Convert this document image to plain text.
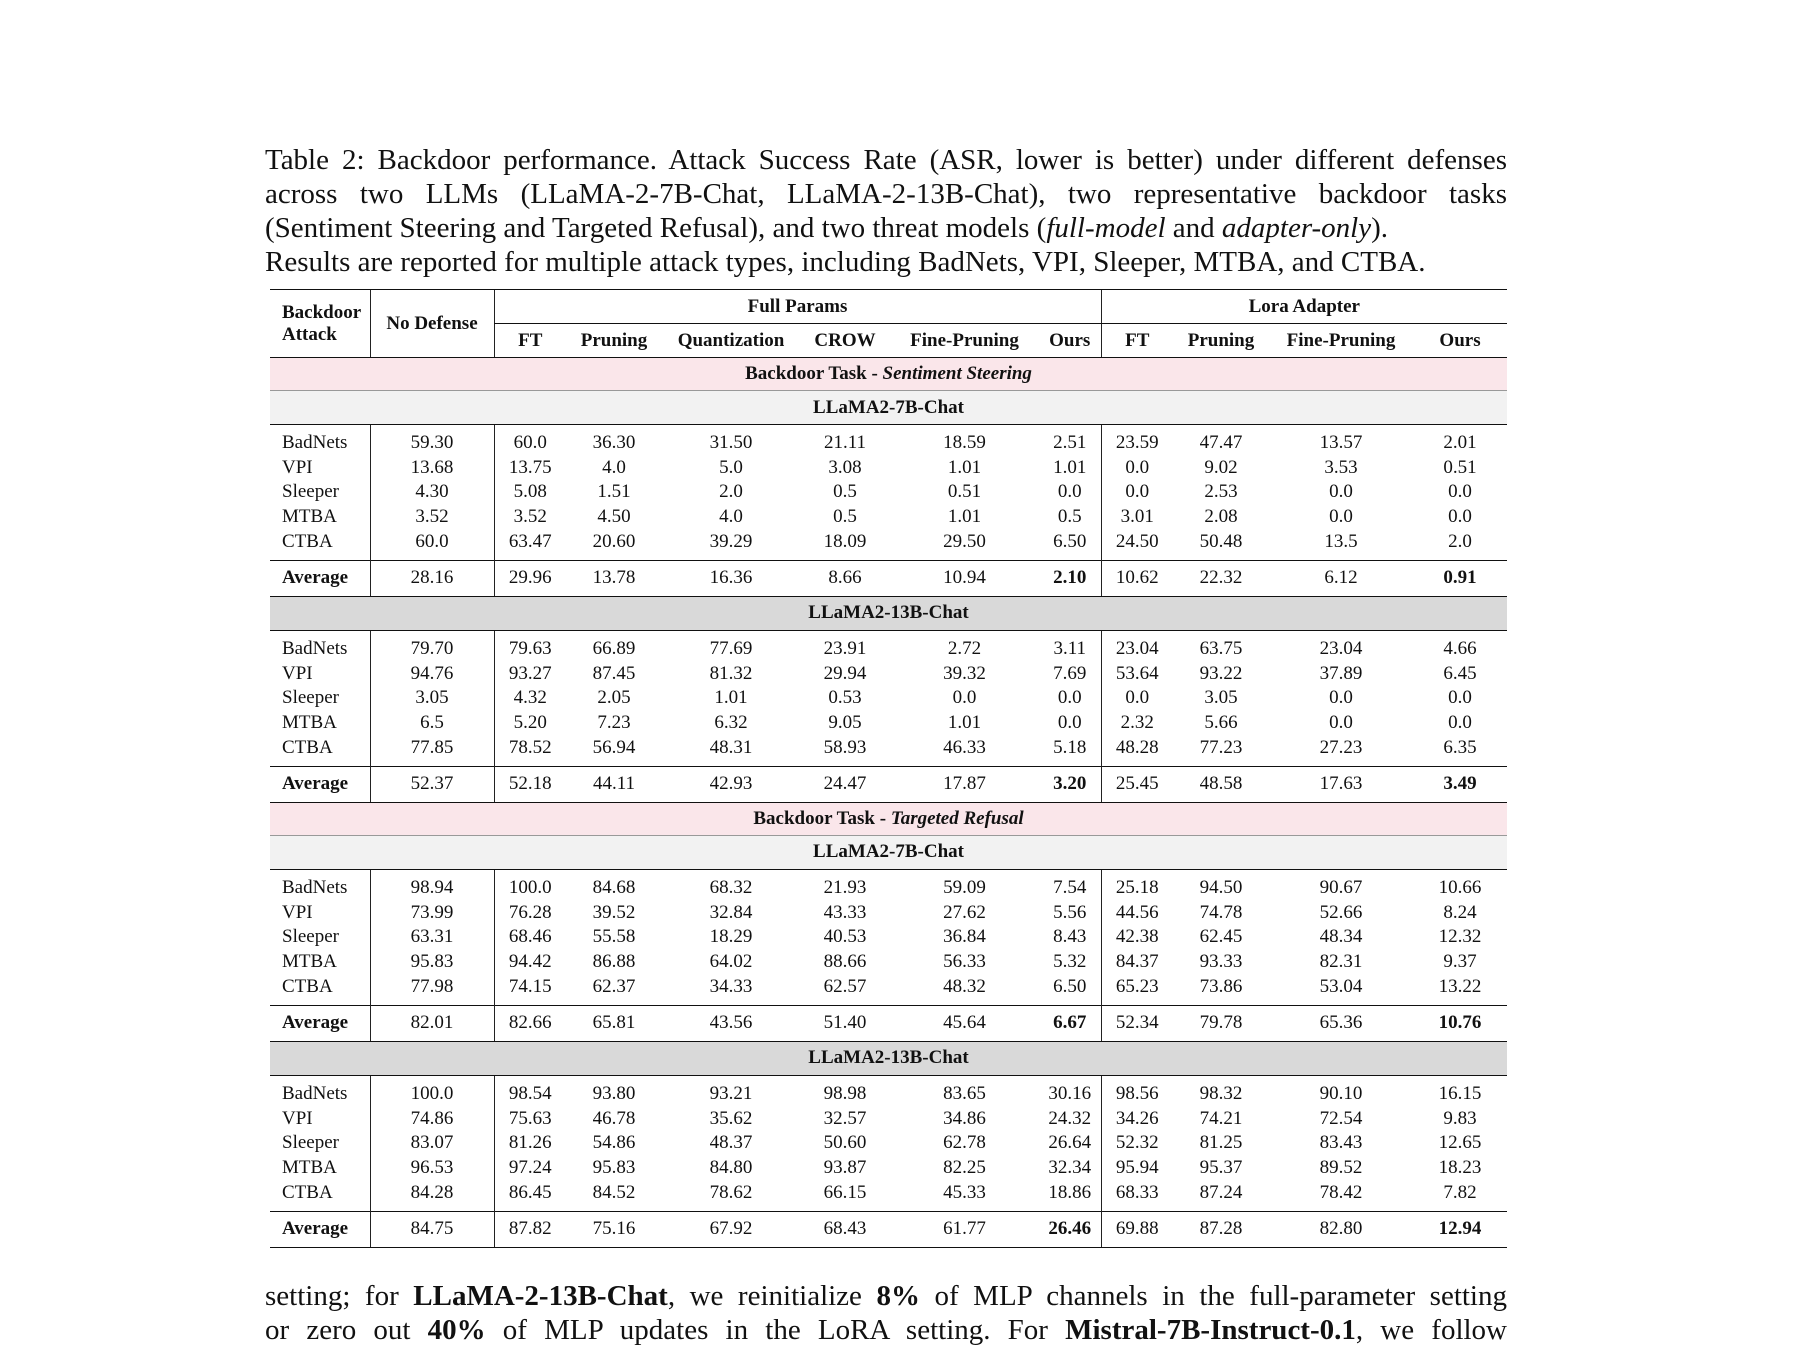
Table 2: Backdoor performance. Attack Success Rate (ASR, lower is better) under different defenses across two LLMs (LLaMA-2-7B-Chat, LLaMA-2-13B-Chat), two representative backdoor tasks (Sentiment Steering and Targeted Refusal), and two threat models (full-model and adapter-only).

Results are reported for multiple attack types, including BadNets, VPI, Sleeper, MTBA, and CTBA.

Backdoor
Attack	No Defense	Full Params						Lora Adapter			
		FT	Pruning	Quantization	CROW	Fine-Pruning	Ours	FT	Pruning	Fine-Pruning	Ours
Backdoor Task - Sentiment Steering											
LLaMA2-7B-Chat											
BadNets	59.30	60.0	36.30	31.50	21.11	18.59	2.51	23.59	47.47	13.57	2.01
VPI	13.68	13.75	4.0	5.0	3.08	1.01	1.01	0.0	9.02	3.53	0.51
Sleeper	4.30	5.08	1.51	2.0	0.5	0.51	0.0	0.0	2.53	0.0	0.0
MTBA	3.52	3.52	4.50	4.0	0.5	1.01	0.5	3.01	2.08	0.0	0.0
CTBA	60.0	63.47	20.60	39.29	18.09	29.50	6.50	24.50	50.48	13.5	2.0
Average	28.16	29.96	13.78	16.36	8.66	10.94	2.10	10.62	22.32	6.12	0.91
LLaMA2-13B-Chat											
BadNets	79.70	79.63	66.89	77.69	23.91	2.72	3.11	23.04	63.75	23.04	4.66
VPI	94.76	93.27	87.45	81.32	29.94	39.32	7.69	53.64	93.22	37.89	6.45
Sleeper	3.05	4.32	2.05	1.01	0.53	0.0	0.0	0.0	3.05	0.0	0.0
MTBA	6.5	5.20	7.23	6.32	9.05	1.01	0.0	2.32	5.66	0.0	0.0
CTBA	77.85	78.52	56.94	48.31	58.93	46.33	5.18	48.28	77.23	27.23	6.35
Average	52.37	52.18	44.11	42.93	24.47	17.87	3.20	25.45	48.58	17.63	3.49
Backdoor Task - Targeted Refusal											
LLaMA2-7B-Chat											
BadNets	98.94	100.0	84.68	68.32	21.93	59.09	7.54	25.18	94.50	90.67	10.66
VPI	73.99	76.28	39.52	32.84	43.33	27.62	5.56	44.56	74.78	52.66	8.24
Sleeper	63.31	68.46	55.58	18.29	40.53	36.84	8.43	42.38	62.45	48.34	12.32
MTBA	95.83	94.42	86.88	64.02	88.66	56.33	5.32	84.37	93.33	82.31	9.37
CTBA	77.98	74.15	62.37	34.33	62.57	48.32	6.50	65.23	73.86	53.04	13.22
Average	82.01	82.66	65.81	43.56	51.40	45.64	6.67	52.34	79.78	65.36	10.76
LLaMA2-13B-Chat											
BadNets	100.0	98.54	93.80	93.21	98.98	83.65	30.16	98.56	98.32	90.10	16.15
VPI	74.86	75.63	46.78	35.62	32.57	34.86	24.32	34.26	74.21	72.54	9.83
Sleeper	83.07	81.26	54.86	48.37	50.60	62.78	26.64	52.32	81.25	83.43	12.65
MTBA	96.53	97.24	95.83	84.80	93.87	82.25	32.34	95.94	95.37	89.52	18.23
CTBA	84.28	86.45	84.52	78.62	66.15	45.33	18.86	68.33	87.24	78.42	7.82
Average	84.75	87.82	75.16	67.92	68.43	61.77	26.46	69.88	87.28	82.80	12.94

setting; for LLaMA-2-13B-Chat, we reinitialize 8% of MLP channels in the full-parameter setting

or zero out 40% of MLP updates in the LoRA setting. For Mistral-7B-Instruct-0.1, we follow
